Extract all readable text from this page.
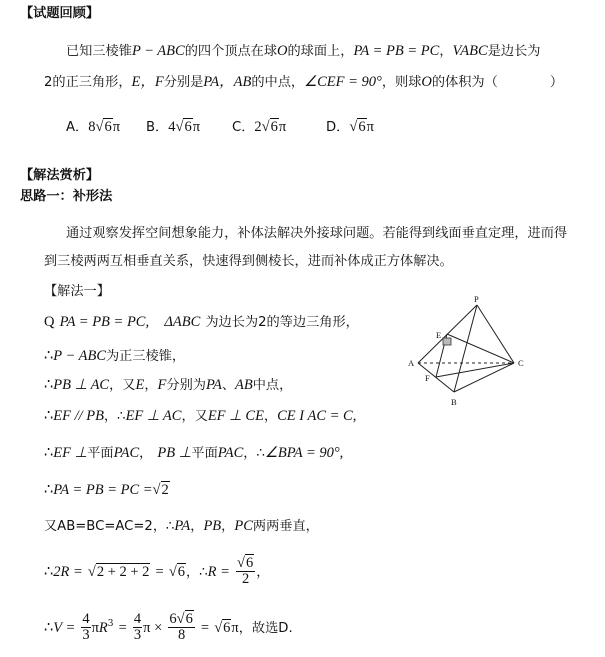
【试题回顾】
已知三棱锥P − ABC的四个顶点在球O的球面上，PA = PB = PC，VABC是边长为
2的正三角形，E，F分别是PA，AB的中点，∠CEF = 90°，则球O的体积为（	）
A．8√6π B．4√6π C．2√6π	D．√6π
【解法赏析】
思路一：补形法
通过观察发挥空间想象能力，补体法解决外接球问题。若能得到线面垂直定理，进而得
到三棱两两互相垂直关系，快速得到侧棱长，进而补体成正方体解决。
【解法一】
Q PA = PB = PC, ΔABC 为边长为2的等边三角形，
∴P − ABC为正三棱锥，
∴PB ⊥ AC，又E，F分别为PA、AB中点，
∴EF // PB，∴EF ⊥ AC，又EF ⊥ CE，CE I AC = C,
∴EF ⊥平面PAC， PB ⊥平面PAC，∴∠BPA = 90°,
∴PA = PB = PC =√2
又AB=BC=AC=2，∴PA，PB，PC两两垂直，
∴2R = √2 + 2 + 2 = √6，∴R = $\frac{√6}{2}$ ，
∴V = $\frac{4}{3} \pi R^3 = \frac{4}{3}$ $\pi \times \frac{6√6}{8} = √6\pi$，故选D.
P
E
A
F
B
C
